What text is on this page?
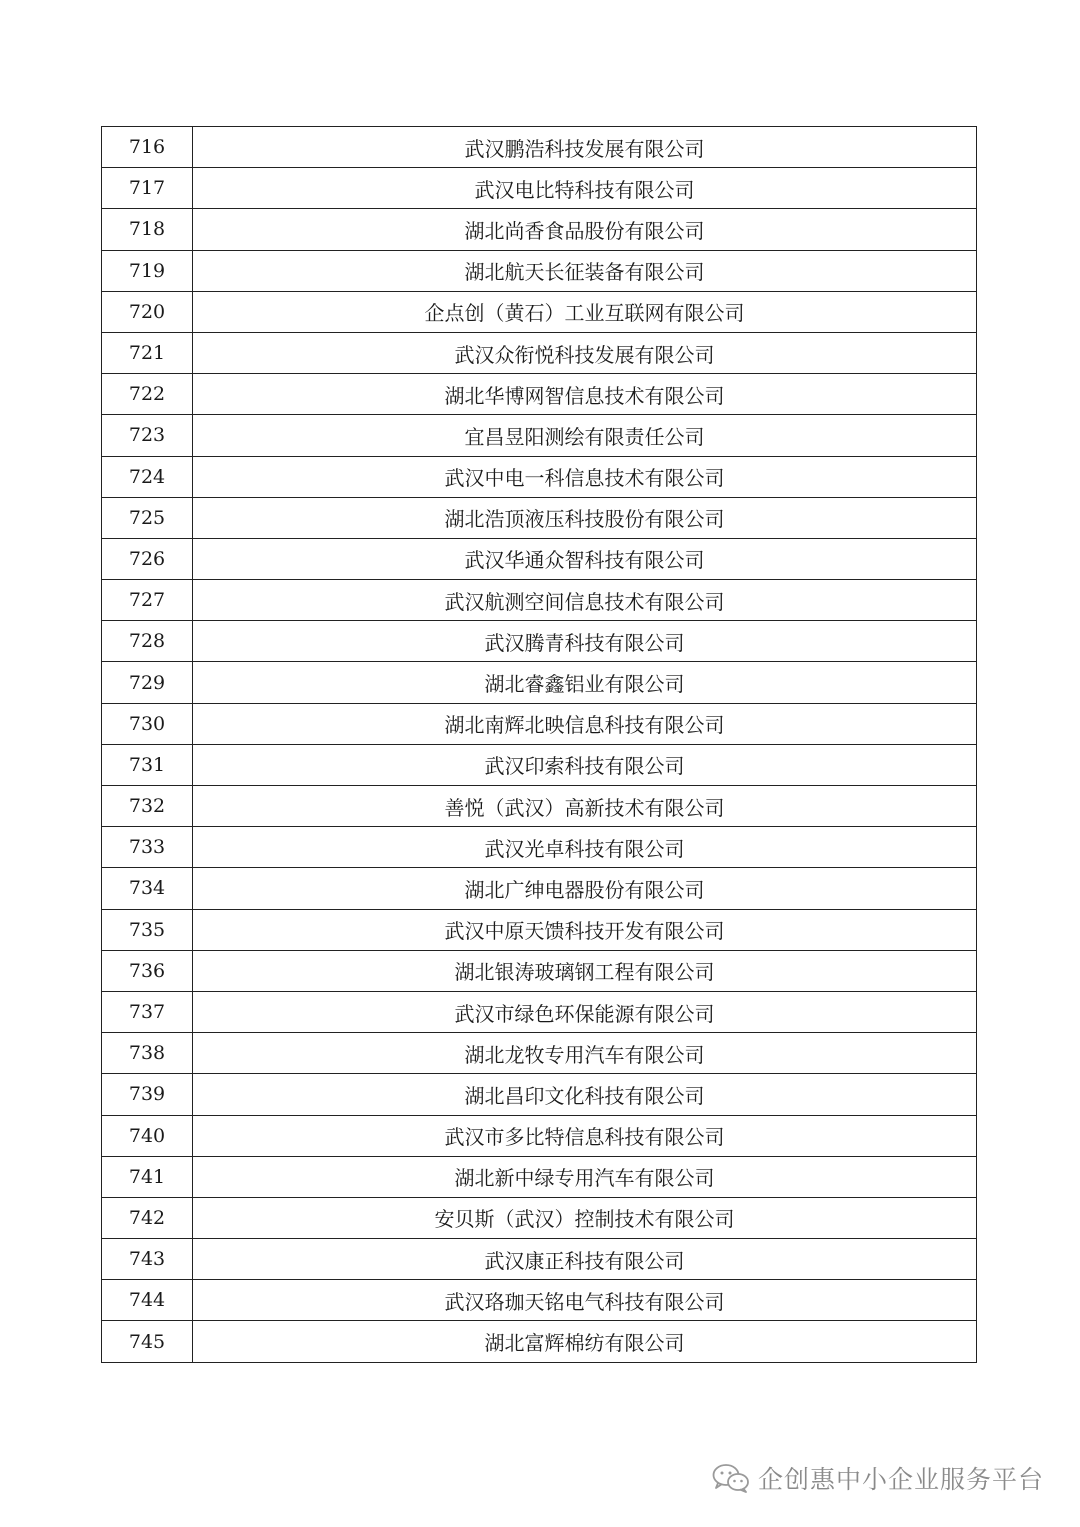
716	武汉鹏浩科技发展有限公司
717	武汉电比特科技有限公司
718	湖北尚香食品股份有限公司
719	湖北航天长征装备有限公司
720	企点创（黄石）工业互联网有限公司
721	武汉众衔悦科技发展有限公司
722	湖北华博网智信息技术有限公司
723	宜昌昱阳测绘有限责任公司
724	武汉中电一科信息技术有限公司
725	湖北浩顶液压科技股份有限公司
726	武汉华通众智科技有限公司
727	武汉航测空间信息技术有限公司
728	武汉腾青科技有限公司
729	湖北睿鑫铝业有限公司
730	湖北南辉北映信息科技有限公司
731	武汉印索科技有限公司
732	善悦（武汉）高新技术有限公司
733	武汉光卓科技有限公司
734	湖北广绅电器股份有限公司
735	武汉中原天馈科技开发有限公司
736	湖北银涛玻璃钢工程有限公司
737	武汉市绿色环保能源有限公司
738	湖北龙牧专用汽车有限公司
739	湖北昌印文化科技有限公司
740	武汉市多比特信息科技有限公司
741	湖北新中绿专用汽车有限公司
742	安贝斯（武汉）控制技术有限公司
743	武汉康正科技有限公司
744	武汉珞珈天铭电气科技有限公司
745	湖北富辉棉纺有限公司
企创惠中小企业服务平台
